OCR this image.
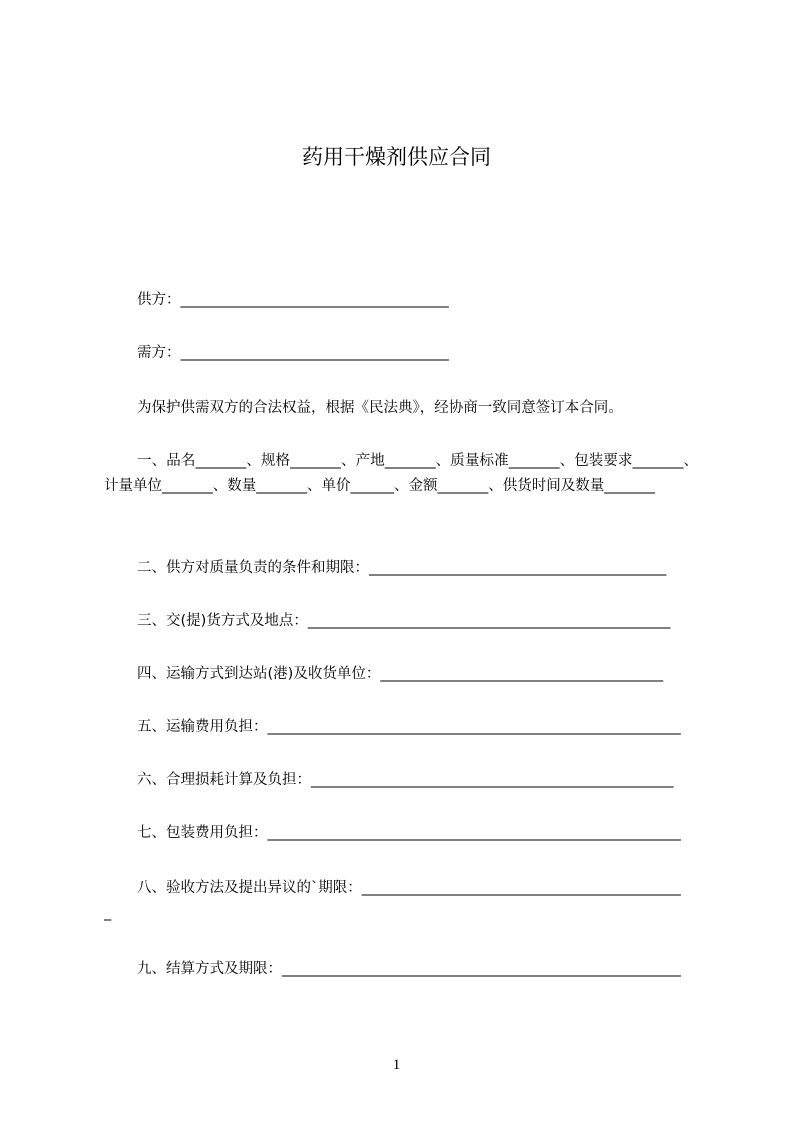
药用干燥剂供应合同
供方：_____________________________________
需方：_____________________________________
为保护供需双方的合法权益，根据《民法典》，经协商一致同意签订本合同。
一、品名_______、规格_______、产地_______、质量标准_______、包装要求_______、计量单位_______、数量_______、单价______、金额_______、供货时间及数量_______
二、供方对质量负责的条件和期限：_________________________________________
三、交(提)货方式及地点：__________________________________________________
四、运输方式到达站(港)及收货单位：_______________________________________
五、运输费用负担：_________________________________________________________
六、合理损耗计算及负担：__________________________________________________
七、包装费用负担：_________________________________________________________
八、验收方法及提出异议的`期限：____________________________________________
_
九、结算方式及期限：_______________________________________________________
1
